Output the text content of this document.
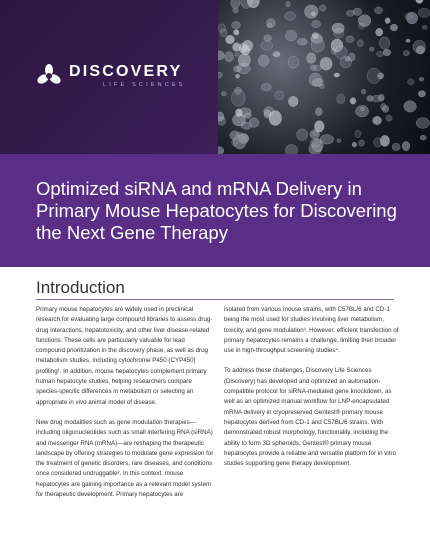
DISCOVERY
LIFE SCIENCES
Optimized siRNA and mRNA Delivery in Primary Mouse Hepatocytes for Discovering the Next Gene Therapy
Introduction

Primary mouse hepatocytes are widely used in preclinical research for evaluating large compound libraries to assess drug-drug interactions, hepatotoxicity, and other liver disease-related functions. These cells are particularly valuable for lead compound prioritization in the discovery phase, as well as drug metabolism studies, including cytochrome P450 (CYP450) profiling¹. In addition, mouse hepatocytes complement primary human hepatocyte studies, helping researchers compare species-specific differences in metabolism or selecting an appropriate in vivo animal model of disease.

New drug modalities such as gene modulation therapies—including oligonucleotides such as small interfering RNA (siRNA) and messenger RNA (mRNA)—are reshaping the therapeutic landscape by offering strategies to modulate gene expression for the treatment of genetic disorders, rare diseases, and conditions once considered undruggable². In this context, mouse hepatocytes are gaining importance as a relevant model system for therapeutic development. Primary hepatocytes are

isolated from various mouse strains, with C57BL/6 and CD-1 being the most used for studies involving liver metabolism, toxicity, and gene modulation³. However, efficient transfection of primary hepatocytes remains a challenge, limiting their broader use in high-throughput screening studies⁴.

To address these challenges, Discovery Life Sciences (Discovery) has developed and optimized an automation-compatible protocol for siRNA-mediated gene knockdown, as well as an optimized manual workflow for LNP-encapsulated mRNA delivery in cryopreserved Gentest® primary mouse hepatocytes derived from CD-1 and C57BL/6 strains. With demonstrated robust morphology, functionality, including the ability to form 3D spheroids, Gentest® primary mouse hepatocytes provide a reliable and versatile platform for in vitro studies supporting gene therapy development.
